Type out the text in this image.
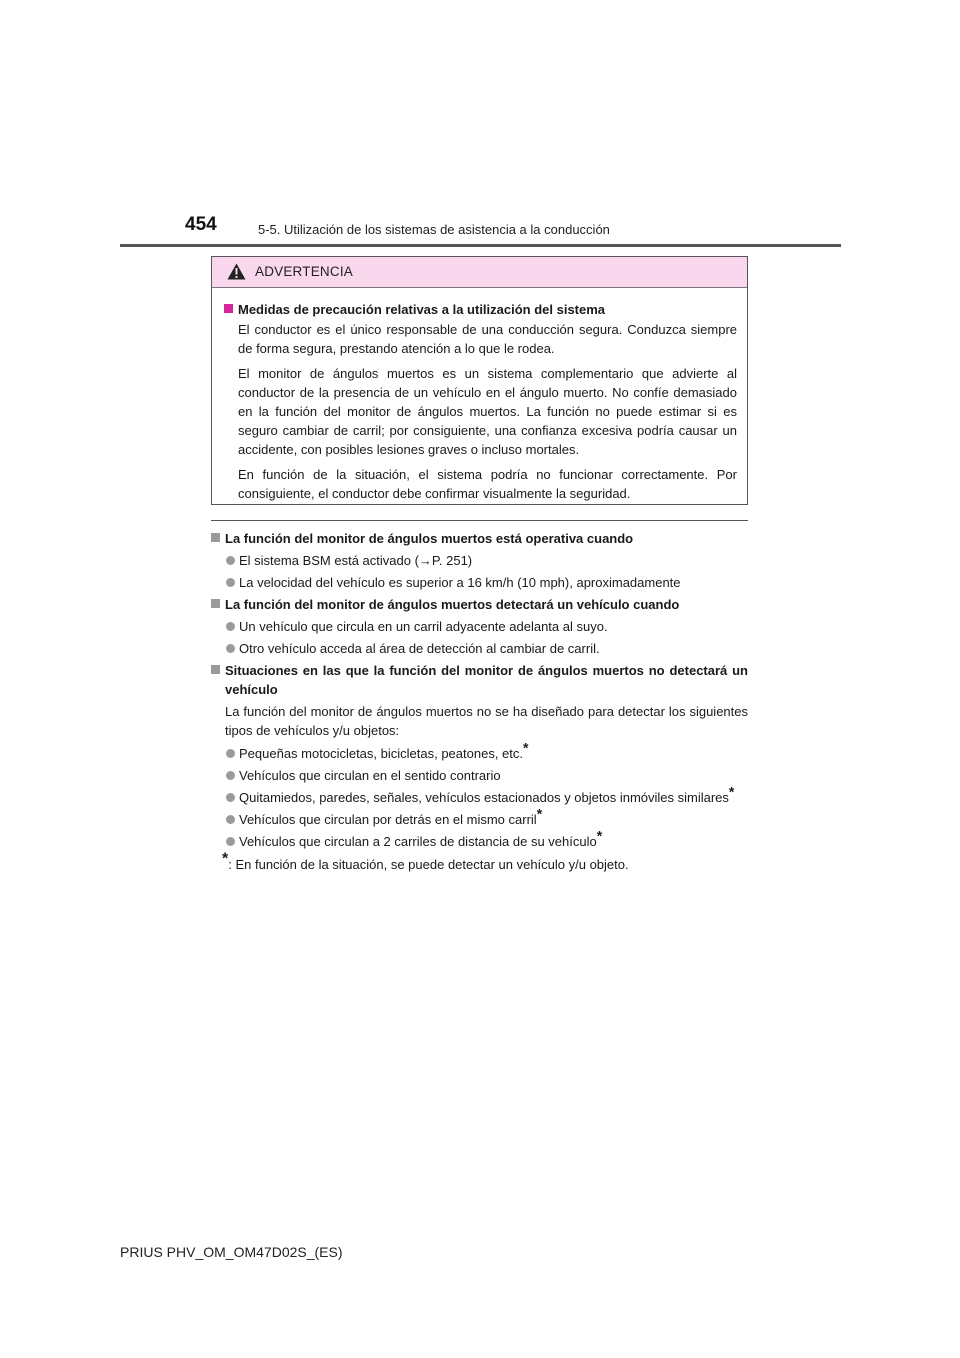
454	5-5. Utilización de los sistemas de asistencia a la conducción
ADVERTENCIA
Medidas de precaución relativas a la utilización del sistema

El conductor es el único responsable de una conducción segura. Conduzca siempre de forma segura, prestando atención a lo que le rodea.

El monitor de ángulos muertos es un sistema complementario que advierte al conductor de la presencia de un vehículo en el ángulo muerto. No confíe demasiado en la función del monitor de ángulos muertos. La función no puede estimar si es seguro cambiar de carril; por consiguiente, una confianza excesiva podría causar un accidente, con posibles lesiones graves o incluso mortales.

En función de la situación, el sistema podría no funcionar correctamente. Por consiguiente, el conductor debe confirmar visualmente la seguridad.

La función del monitor de ángulos muertos está operativa cuando
El sistema BSM está activado (→P. 251)
La velocidad del vehículo es superior a 16 km/h (10 mph), aproximadamente
La función del monitor de ángulos muertos detectará un vehículo cuando
Un vehículo que circula en un carril adyacente adelanta al suyo.
Otro vehículo acceda al área de detección al cambiar de carril.
Situaciones en las que la función del monitor de ángulos muertos no detectará un vehículo

La función del monitor de ángulos muertos no se ha diseñado para detectar los siguientes tipos de vehículos y/u objetos:

Pequeñas motocicletas, bicicletas, peatones, etc.*
Vehículos que circulan en el sentido contrario
Quitamiedos, paredes, señales, vehículos estacionados y objetos inmóviles similares*
Vehículos que circulan por detrás en el mismo carril*
Vehículos que circulan a 2 carriles de distancia de su vehículo*
*: En función de la situación, se puede detectar un vehículo y/u objeto.
PRIUS PHV_OM_OM47D02S_(ES)
